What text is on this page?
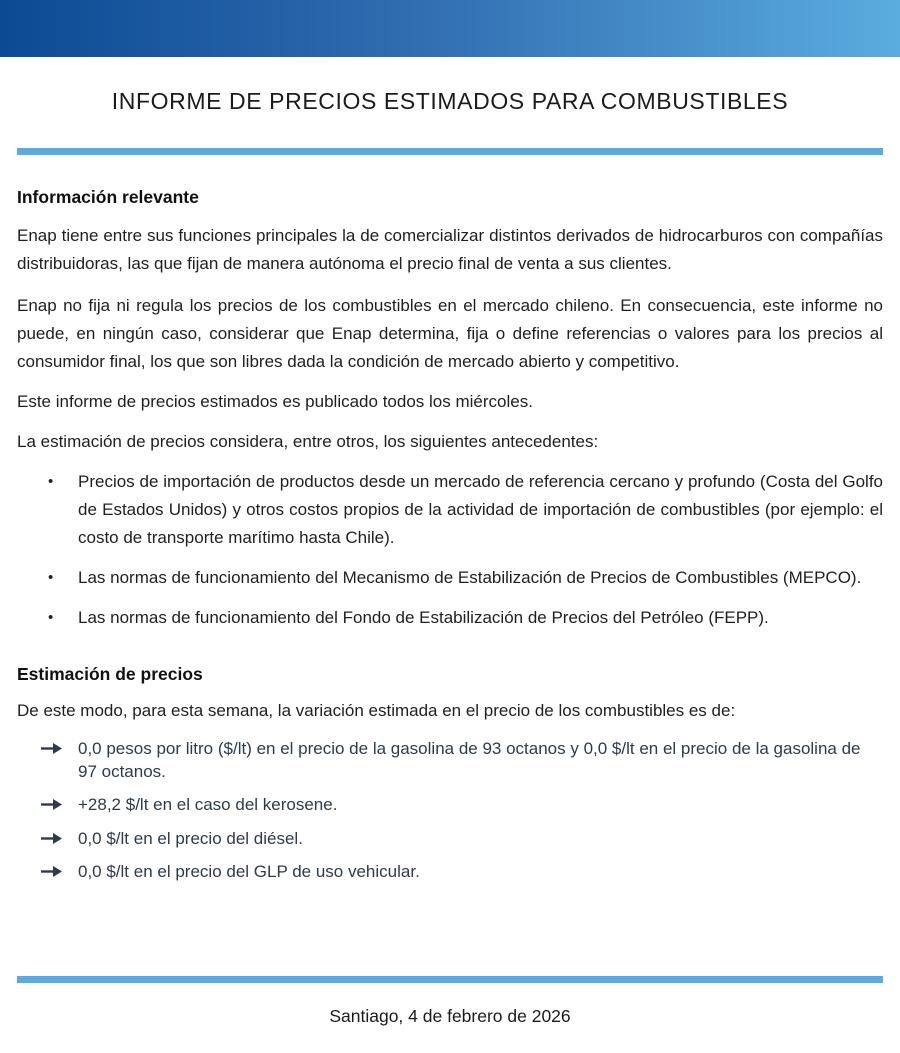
INFORME DE PRECIOS ESTIMADOS PARA COMBUSTIBLES
Información relevante

Enap tiene entre sus funciones principales la de comercializar distintos derivados de hidrocarburos con compañías distribuidoras, las que fijan de manera autónoma el precio final de venta a sus clientes.

Enap no fija ni regula los precios de los combustibles en el mercado chileno. En consecuencia, este informe no puede, en ningún caso, considerar que Enap determina, fija o define referencias o valores para los precios al consumidor final, los que son libres dada la condición de mercado abierto y competitivo.

Este informe de precios estimados es publicado todos los miércoles.

La estimación de precios considera, entre otros, los siguientes antecedentes:

• Precios de importación de productos desde un mercado de referencia cercano y profundo (Costa del Golfo de Estados Unidos) y otros costos propios de la actividad de importación de combustibles (por ejemplo: el costo de transporte marítimo hasta Chile).
• Las normas de funcionamiento del Mecanismo de Estabilización de Precios de Combustibles (MEPCO).
• Las normas de funcionamiento del Fondo de Estabilización de Precios del Petróleo (FEPP).
Estimación de precios

De este modo, para esta semana, la variación estimada en el precio de los combustibles es de:

0,0 pesos por litro ($/lt) en el precio de la gasolina de 93 octanos y 0,0 $/lt en el precio de la gasolina de 97 octanos.
+28,2 $/lt en el caso del kerosene.
0,0 $/lt en el precio del diésel.
0,0 $/lt en el precio del GLP de uso vehicular.
Santiago, 4 de febrero de 2026
